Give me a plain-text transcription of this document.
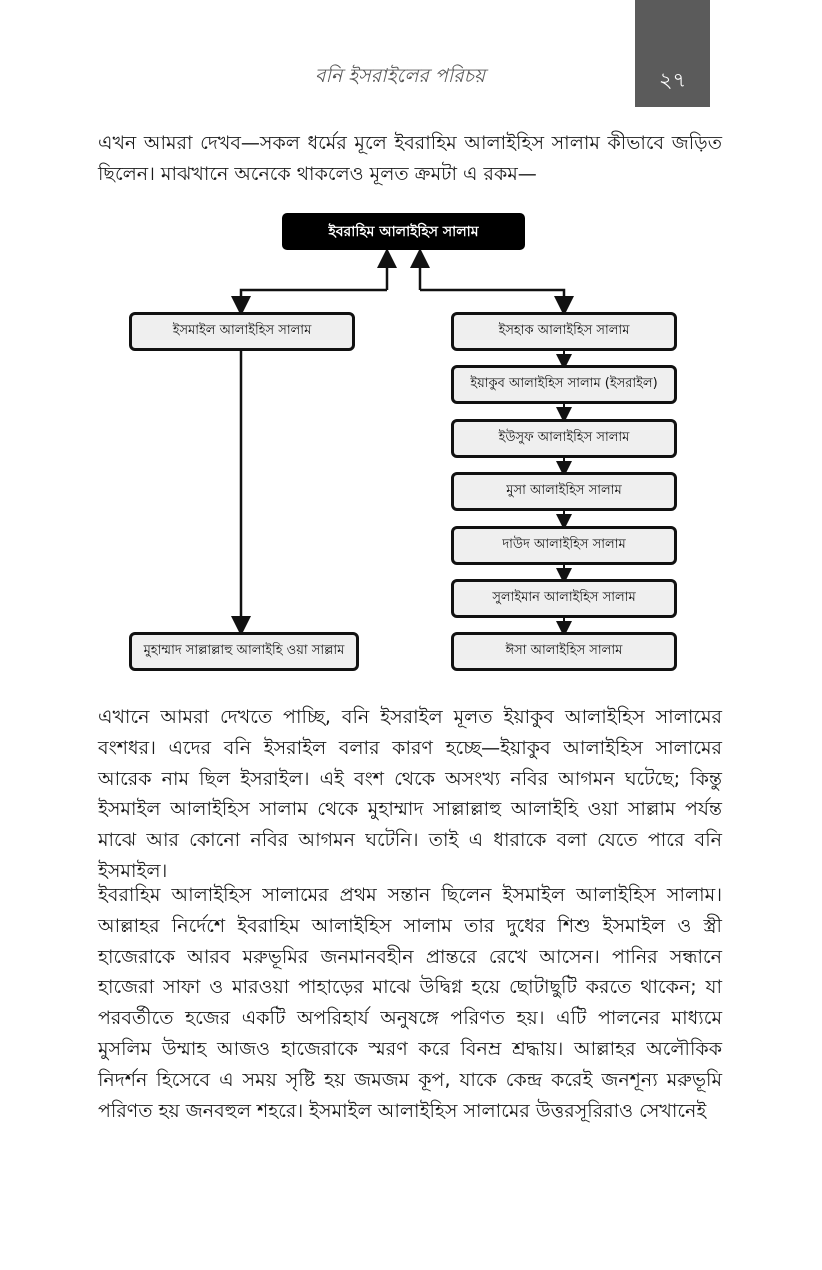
বনি ইসরাইলের পরিচয়	২৭

এখন আমরা দেখব—সকল ধর্মের মূলে ইবরাহিম আলাইহিস সালাম কীভাবে জড়িত ছিলেন। মাঝখানে অনেকে থাকলেও মূলত ক্রমটা এ রকম—

ইবরাহিম আলাইহিস সালাম
ইসমাইল আলাইহিস সালাম
মুহাম্মাদ সাল্লাল্লাহু আলাইহি ওয়া সাল্লাম
ইসহাক আলাইহিস সালাম
ইয়াকুব আলাইহিস সালাম (ইসরাইল)
ইউসুফ আলাইহিস সালাম
মুসা আলাইহিস সালাম
দাউদ আলাইহিস সালাম
সুলাইমান আলাইহিস সালাম
ঈসা আলাইহিস সালাম

এখানে আমরা দেখতে পাচ্ছি, বনি ইসরাইল মূলত ইয়াকুব আলাইহিস সালামের বংশধর। এদের বনি ইসরাইল বলার কারণ হচ্ছে—ইয়াকুব আলাইহিস সালামের আরেক নাম ছিল ইসরাইল। এই বংশ থেকে অসংখ্য নবির আগমন ঘটেছে; কিন্তু ইসমাইল আলাইহিস সালাম থেকে মুহাম্মাদ সাল্লাল্লাহু আলাইহি ওয়া সাল্লাম পর্যন্ত মাঝে আর কোনো নবির আগমন ঘটেনি। তাই এ ধারাকে বলা যেতে পারে বনি ইসমাইল।

ইবরাহিম আলাইহিস সালামের প্রথম সন্তান ছিলেন ইসমাইল আলাইহিস সালাম। আল্লাহর নির্দেশে ইবরাহিম আলাইহিস সালাম তার দুধের শিশু ইসমাইল ও স্ত্রী হাজেরাকে আরব মরুভূমির জনমানবহীন প্রান্তরে রেখে আসেন। পানির সন্ধানে হাজেরা সাফা ও মারওয়া পাহাড়ের মাঝে উদ্বিগ্ন হয়ে ছোটাছুটি করতে থাকেন; যা পরবর্তীতে হজের একটি অপরিহার্য অনুষঙ্গে পরিণত হয়। এটি পালনের মাধ্যমে মুসলিম উম্মাহ আজও হাজেরাকে স্মরণ করে বিনম্র শ্রদ্ধায়। আল্লাহর অলৌকিক নিদর্শন হিসেবে এ সময় সৃষ্টি হয় জমজম কূপ, যাকে কেন্দ্র করেই জনশূন্য মরুভূমি পরিণত হয় জনবহুল শহরে। ইসমাইল আলাইহিস সালামের উত্তরসূরিরাও সেখানেই
